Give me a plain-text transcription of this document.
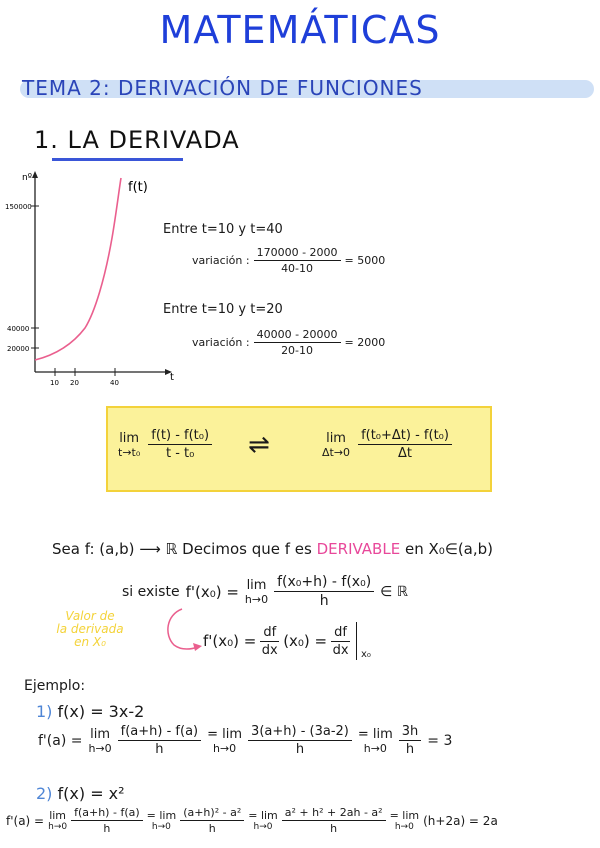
MATEMÁTICAS
TEMA 2: DERIVACIÓN DE FUNCIONES
1. LA DERIVADA
nº
f(t)
t
150000
40000
20000
10 20	40
Entre t=10 y t=40
variación : $\frac{170000 - 2000}{40-10} = 5000$
Entre t=10 y t=20
variación : $\frac{40000 - 20000}{20-10} = 2000$
lim
$t\to t_0 \frac{\text{f(t) - f(t₀)}}{\text{t - t₀}}$ ⇌	lim
$\Delta t\to 0 \frac{\text{f(t₀+Δt) - f(t₀)}}{\Delta t}$
Sea f: (a,b) ⟶ ℝ Decimos que f es DERIVABLE en X₀∈(a,b)
si existe f'(x₀) = lim
$h\to 0 \frac{\text{f(x₀+h) - f(x₀)}}{h}$ ∈ ℝ
Valor de
la derivada
en X₀	$f'(x_0) = \frac{df}{dx} (x_0) = \frac{df}{dx} x_0$
Ejemplo:
1) f(x) = 3x-2
f'(a) = lim
$h\to 0 \frac{f(a+h) - f(a)}{h} = \lim$
$h\to 0 \frac{3(a+h) - (3a-2)}{h} = \lim$
$h\to 0 \frac{3h}{h} = 3$
2) f(x) = x²
f'(a) = lim
$h\to 0 \frac{f(a+h) - f(a)}{h} = \lim$
$h\to 0 \frac{\text{(a+h)² - a²}}{h} = \lim$
$h\to 0 \frac{\text{a² + h² + 2ah - a²}}{h} = \lim$
h→0 (h+2a) = 2a
